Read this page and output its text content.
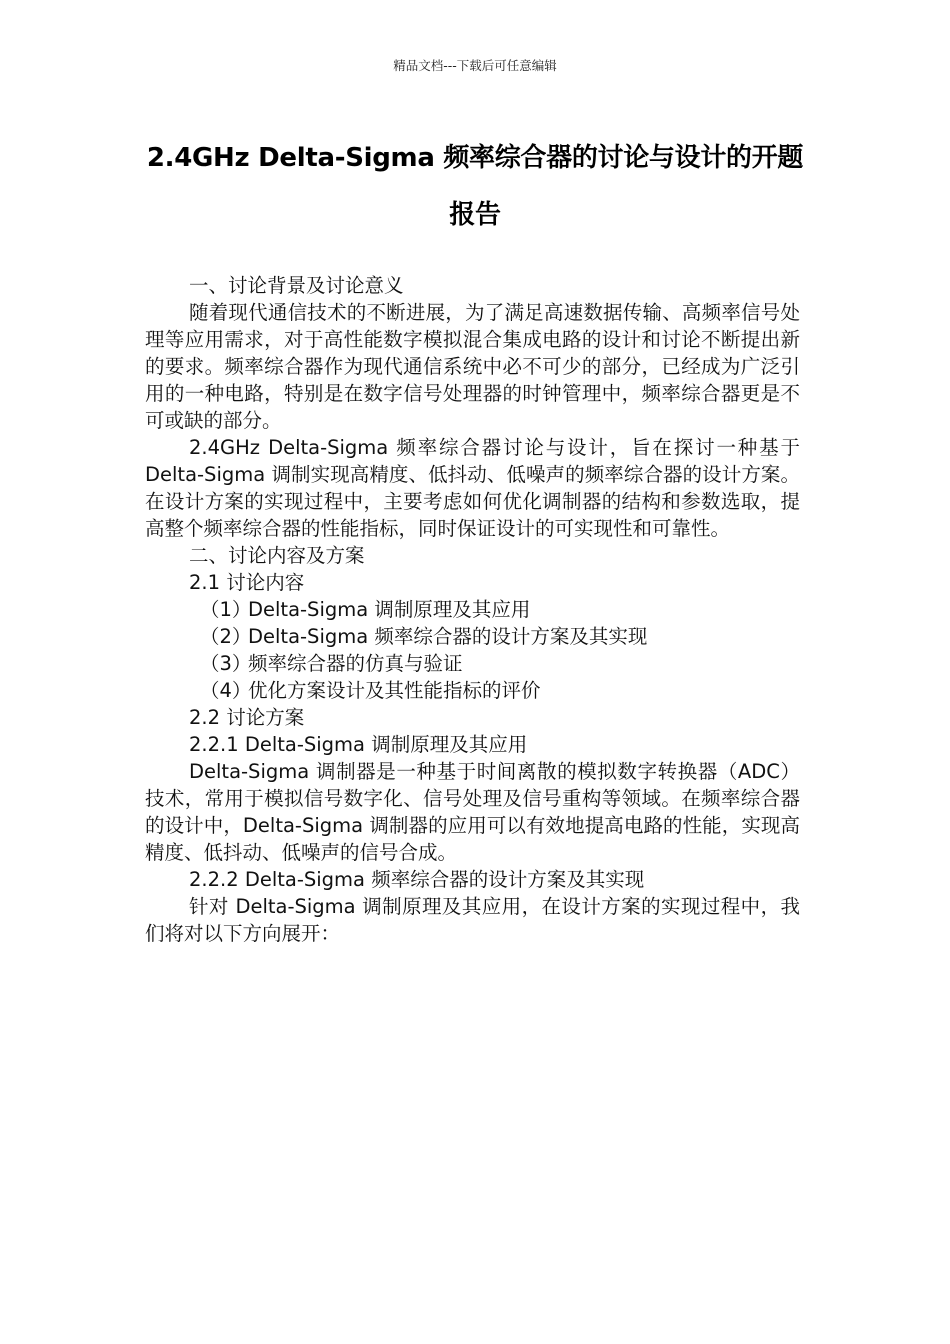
精品文档---下载后可任意编辑
2.4GHz Delta-Sigma 频率综合器的讨论与设计的开题报告

一、讨论背景及讨论意义

随着现代通信技术的不断进展，为了满足高速数据传输、高频率信号处理等应用需求，对于高性能数字模拟混合集成电路的设计和讨论不断提出新的要求。频率综合器作为现代通信系统中必不可少的部分，已经成为广泛引用的一种电路，特别是在数字信号处理器的时钟管理中，频率综合器更是不可或缺的部分。

2.4GHz Delta-Sigma 频率综合器讨论与设计，旨在探讨一种基于 Delta-Sigma 调制实现高精度、低抖动、低噪声的频率综合器的设计方案。在设计方案的实现过程中，主要考虑如何优化调制器的结构和参数选取，提高整个频率综合器的性能指标，同时保证设计的可实现性和可靠性。

二、讨论内容及方案

2.1 讨论内容

（1）Delta-Sigma 调制原理及其应用

（2）Delta-Sigma 频率综合器的设计方案及其实现

（3）频率综合器的仿真与验证

（4）优化方案设计及其性能指标的评价

2.2 讨论方案

2.2.1 Delta-Sigma 调制原理及其应用

Delta-Sigma 调制器是一种基于时间离散的模拟数字转换器（ADC）技术，常用于模拟信号数字化、信号处理及信号重构等领域。在频率综合器的设计中，Delta-Sigma 调制器的应用可以有效地提高电路的性能，实现高精度、低抖动、低噪声的信号合成。

2.2.2 Delta-Sigma 频率综合器的设计方案及其实现

针对 Delta-Sigma 调制原理及其应用，在设计方案的实现过程中，我们将对以下方向展开：
